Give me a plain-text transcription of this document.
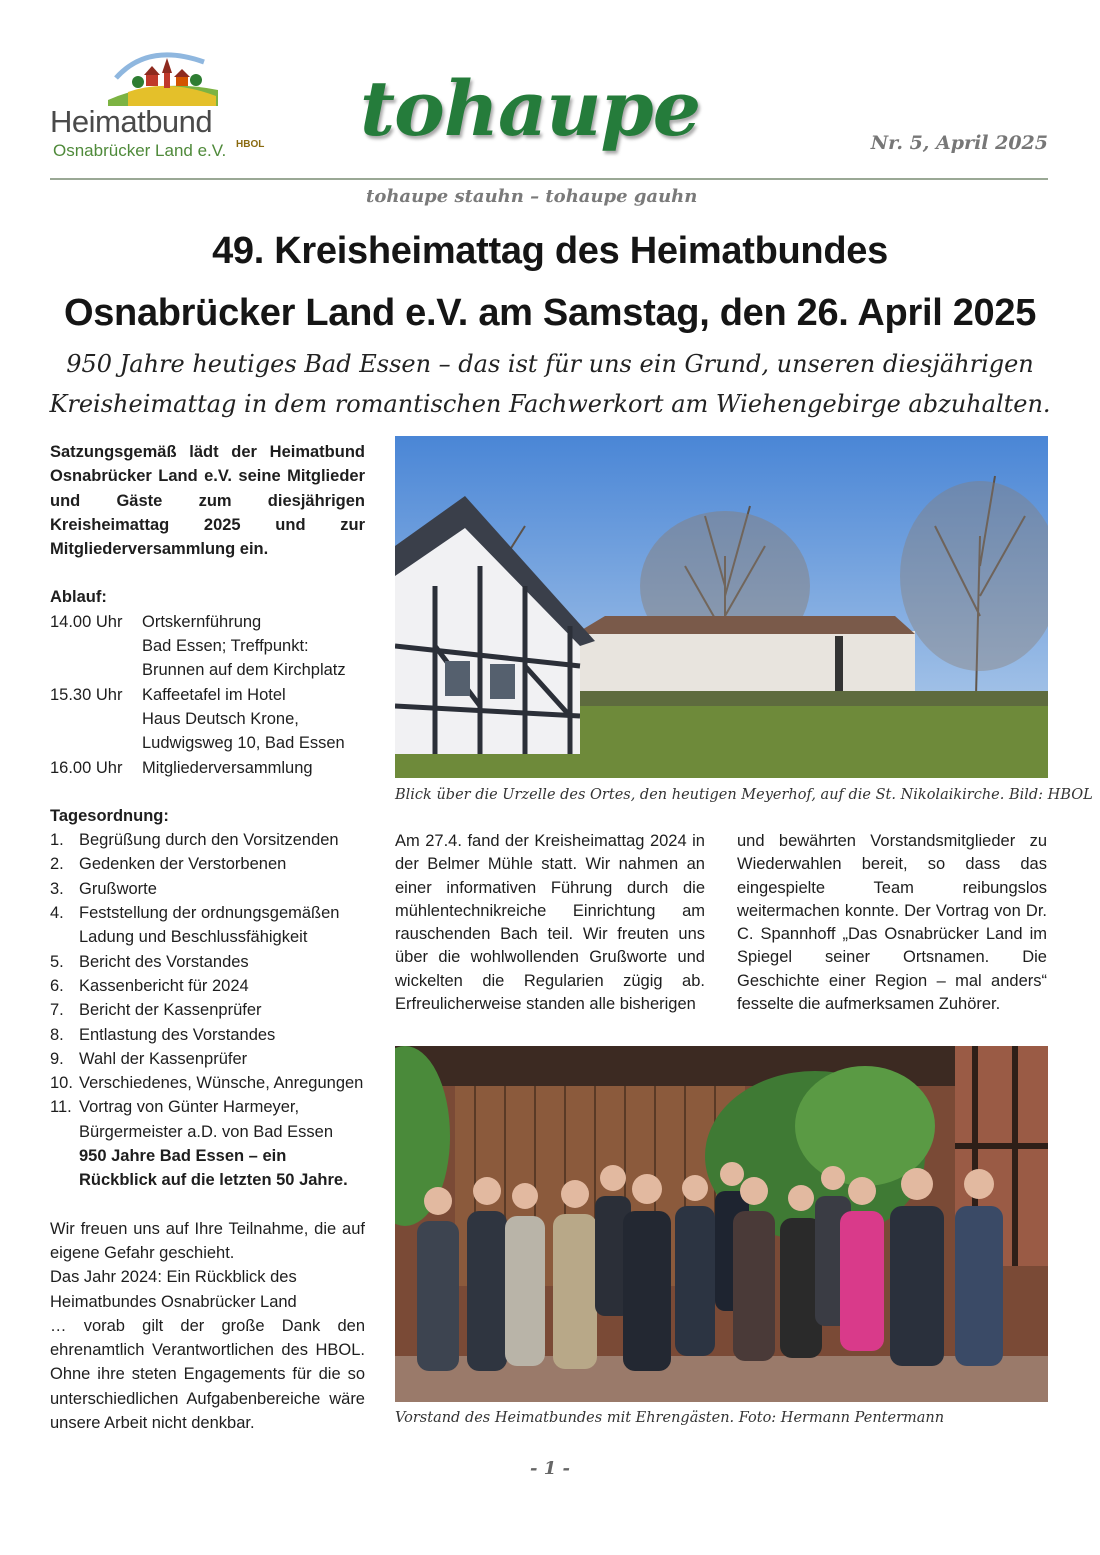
Heimatbund
Osnabrücker Land e.V. HBOL tohaupe	Nr. 5, April 2025
tohaupe stauhn – tohaupe gauhn
49. Kreisheimattag des Heimatbundes
Osnabrücker Land e.V. am Samstag, den 26. April 2025
950 Jahre heutiges Bad Essen – das ist für uns ein Grund, unseren diesjährigen
Kreisheimattag in dem romantischen Fachwerkort am Wiehengebirge abzuhalten.

Satzungsgemäß lädt der Heimatbund Osnabrücker Land e.V. seine Mitglieder und Gäste zum diesjährigen Kreisheimattag 2025 und zur Mitgliederversammlung ein.

Ablauf:

14.00 Uhr	Ortskernführung
Bad Essen; Treffpunkt:
Brunnen auf dem Kirchplatz
15.30 Uhr	Kaffeetafel im Hotel
Haus Deutsch Krone,
Ludwigsweg 10, Bad Essen
16.00 Uhr	Mitgliederversammlung

Tagesordnung:

1. Begrüßung durch den Vorsitzenden
2. Gedenken der Verstorbenen
3. Grußworte
4. Feststellung der ordnungsgemäßen Ladung und Beschlussfähigkeit
5. Bericht des Vorstandes
6. Kassenbericht für 2024
7. Bericht der Kassenprüfer
8. Entlastung des Vorstandes
9. Wahl der Kassenprüfer
10. Verschiedenes, Wünsche, Anregungen
11. Vortrag von Günter Harmeyer, Bürgermeister a.D. von Bad Essen
950 Jahre Bad Essen – ein Rückblick auf die letzten 50 Jahre.

Wir freuen uns auf Ihre Teilnahme, die auf eigene Gefahr geschieht.

Das Jahr 2024: Ein Rückblick des Heimatbundes Osnabrücker Land

… vorab gilt der große Dank den ehrenamtlich Verantwortlichen des HBOL. Ohne ihre steten Engagements für die so unterschiedlichen Aufgabenbereiche wäre unsere Arbeit nicht denkbar.

Blick über die Urzelle des Ortes, den heutigen Meyerhof, auf die St. Nikolaikirche. Bild: HBOL
Am 27.4. fand der Kreisheimattag 2024 in der Belmer Mühle statt. Wir nahmen an einer informativen Führung durch die mühlentechnikreiche Einrichtung am rauschenden Bach teil. Wir freuten uns über die wohlwollenden Grußworte und wickelten die Regularien zügig ab. Erfreulicherweise standen alle bisherigen
und bewährten Vorstandsmitglieder zu Wiederwahlen bereit, so dass das eingespielte Team reibungslos weitermachen konnte. Der Vortrag von Dr. C. Spannhoff „Das Osnabrücker Land im Spiegel seiner Ortsnamen. Die Geschichte einer Region – mal anders“ fesselte die aufmerksamen Zuhörer.
Vorstand des Heimatbundes mit Ehrengästen. Foto: Hermann Pentermann
- 1 -
